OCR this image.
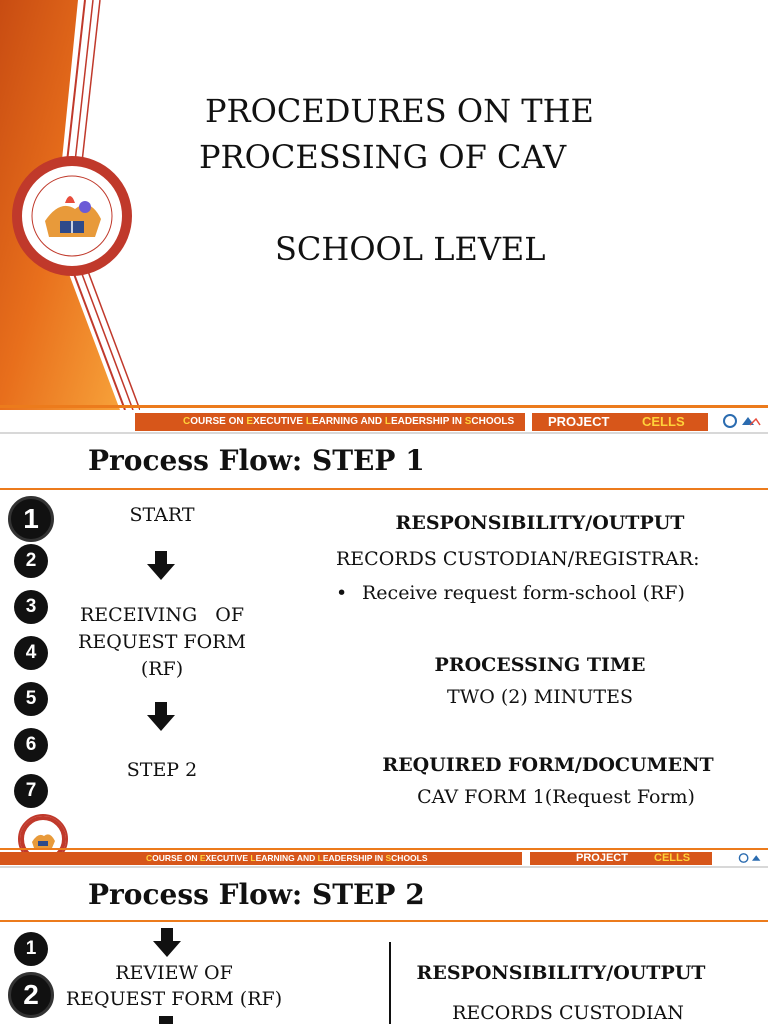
PROCEDURES ON THE
PROCESSING OF CAV
SCHOOL LEVEL
COURSE ON EXECUTIVE LEARNING AND LEADERSHIP IN SCHOOLS	PROJECT	CELLS
Process Flow: STEP 1
1
2
3
4
5
6
7
START
RECEIVING   OF
REQUEST FORM
(RF)
STEP 2
RESPONSIBILITY/OUTPUT
RECORDS CUSTODIAN/REGISTRAR:
• Receive request form-school (RF)
PROCESSING TIME
TWO (2) MINUTES
REQUIRED FORM/DOCUMENT
CAV FORM 1(Request Form)
COURSE ON EXECUTIVE LEARNING AND LEADERSHIP IN SCHOOLS	PROJECT CELLS
Process Flow: STEP 2
1
2
REVIEW OF
REQUEST FORM (RF)
RESPONSIBILITY/OUTPUT
RECORDS CUSTODIAN
